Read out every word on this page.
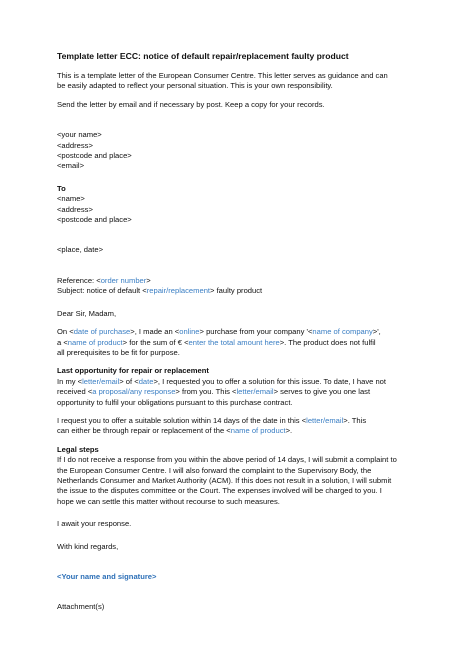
Template letter ECC: notice of default repair/replacement faulty product

This is a template letter of the European Consumer Centre. This letter serves as guidance and can

be easily adapted to reflect your personal situation. This is your own responsibility.

Send the letter by email and if necessary by post. Keep a copy for your records.

<your name>

<address>

<postcode and place>

<email>

To

<name>

<address>

<postcode and place>

<place, date>

Reference: <order number>

Subject: notice of default <repair/replacement> faulty product

Dear Sir, Madam,

On <date of purchase>, I made an <online> purchase from your company '<name of company>',

a <name of product> for the sum of € <enter the total amount here>. The product does not fulfil

all prerequisites to be fit for purpose.

Last opportunity for repair or replacement

In my <letter/email> of <date>, I requested you to offer a solution for this issue. To date, I have not

received <a proposal/any response> from you. This <letter/email> serves to give you one last

opportunity to fulfil your obligations pursuant to this purchase contract.

I request you to offer a suitable solution within 14 days of the date in this <letter/email>. This

can either be through repair or replacement of the <name of product>.

Legal steps

If I do not receive a response from you within the above period of 14 days, I will submit a complaint to

the European Consumer Centre. I will also forward the complaint to the Supervisory Body, the

Netherlands Consumer and Market Authority (ACM). If this does not result in a solution, I will submit

the issue to the disputes committee or the Court. The expenses involved will be charged to you. I

hope we can settle this matter without recourse to such measures.

I await your response.

With kind regards,

<Your name and signature>

Attachment(s)
